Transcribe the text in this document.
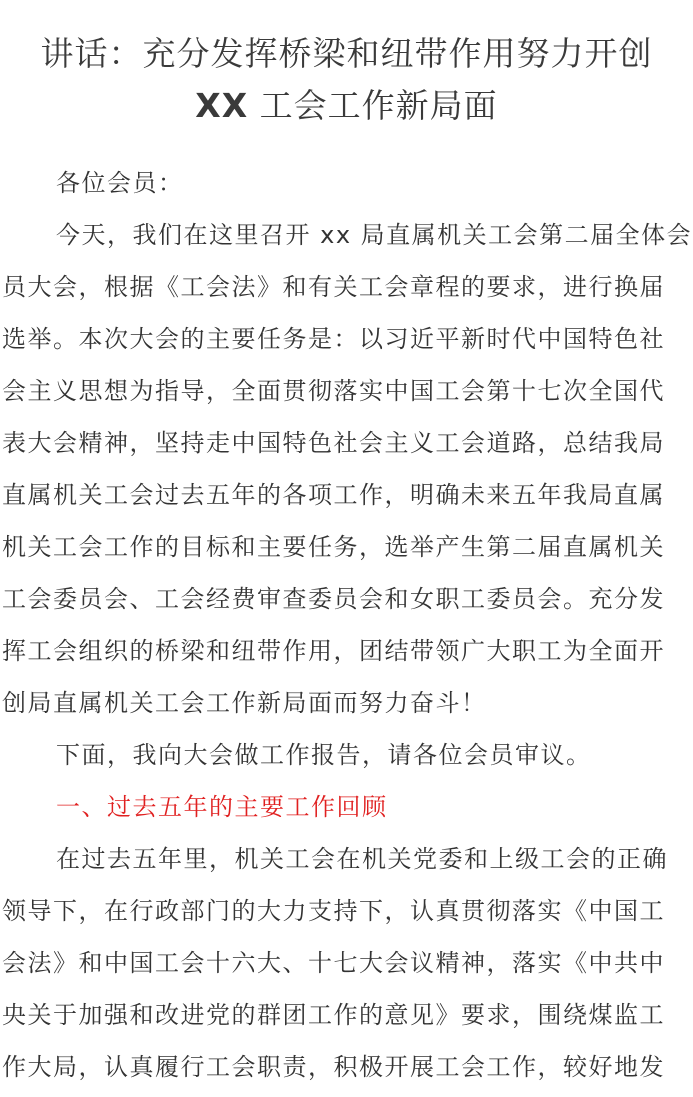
讲话：充分发挥桥梁和纽带作用努力开创
XX 工会工作新局面
各位会员：
今天，我们在这里召开 xx 局直属机关工会第二届全体会
员大会，根据《工会法》和有关工会章程的要求，进行换届
选举。本次大会的主要任务是：以习近平新时代中国特色社
会主义思想为指导，全面贯彻落实中国工会第十七次全国代
表大会精神，坚持走中国特色社会主义工会道路，总结我局
直属机关工会过去五年的各项工作，明确未来五年我局直属
机关工会工作的目标和主要任务，选举产生第二届直属机关
工会委员会、工会经费审查委员会和女职工委员会。充分发
挥工会组织的桥梁和纽带作用，团结带领广大职工为全面开
创局直属机关工会工作新局面而努力奋斗！
下面，我向大会做工作报告，请各位会员审议。
一、过去五年的主要工作回顾
在过去五年里，机关工会在机关党委和上级工会的正确
领导下，在行政部门的大力支持下，认真贯彻落实《中国工
会法》和中国工会十六大、十七大会议精神，落实《中共中
央关于加强和改进党的群团工作的意见》要求，围绕煤监工
作大局，认真履行工会职责，积极开展工会工作，较好地发
